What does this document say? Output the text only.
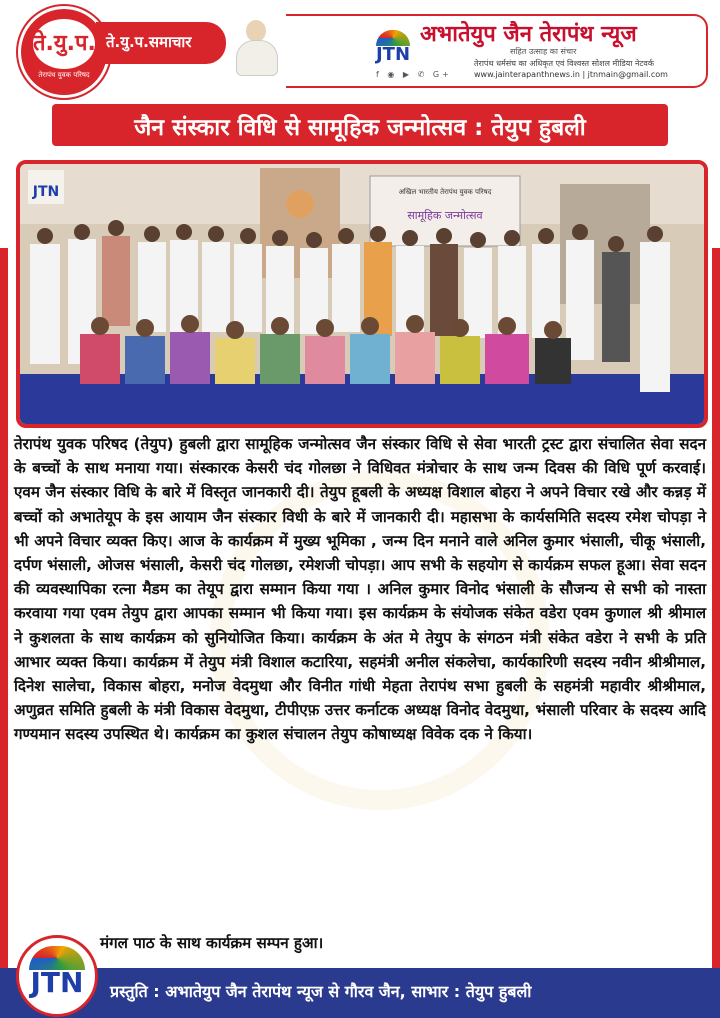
ते.यु.प.
तेरापंथ युवक परिषद
ते.यु.प.समाचार
JTN
अभातेयुप जैन तेरापंथ न्यूज
सहित उत्साह का संचार
तेरापंथ धर्मसंघ का अधिकृत एवं विश्वस्त सोशल मीडिया नेटवर्क
f ◉ ▶ ✆ G+	www.jainterapanthnews.in | jtnmain@gmail.com
जैन संस्कार विधि से सामूहिक जन्मोत्सव : तेयुप हुबली
अखिल भारतीय तेरापंथ युवक परिषद
सामूहिक जन्मोत्सव
JTN
तेरापंथ युवक परिषद (तेयुप) हुबली द्वारा सामूहिक जन्मोत्सव जैन संस्कार विधि से सेवा भारती ट्रस्ट द्वारा संचालित सेवा सदन के बच्चों के साथ मनाया गया। संस्कारक केसरी चंद गोलछा ने विधिवत मंत्रोचार के साथ जन्म दिवस की विधि पूर्ण करवाई। एवम जैन संस्कार विधि के बारे में विस्तृत जानकारी दी। तेयुप हूबली के अध्यक्ष विशाल बोहरा ने अपने विचार रखे और कन्नड़ में बच्चों को अभातेयूप के इस आयाम जैन संस्कार विधी के बारे में जानकारी दी। महासभा के कार्यसमिति सदस्य रमेश चोपड़ा ने भी अपने विचार व्यक्त किए। आज के कार्यक्रम में मुख्य भूमिका , जन्म दिन मनाने वाले अनिल कुमार भंसाली, चीकू भंसाली, दर्पण भंसाली, ओजस भंसाली, केसरी चंद गोलछा, रमेशजी चोपड़ा। आप सभी के सहयोग से कार्यक्रम सफल हूआ। सेवा सदन की व्यवस्थापिका रत्ना मैडम का तेयूप द्वारा सम्मान किया गया । अनिल कुमार विनोद भंसाली के सौजन्य से सभी को नास्ता करवाया गया एवम तेयुप द्वारा आपका सम्मान भी किया गया। इस कार्यक्रम के संयोजक संकेत वडेरा एवम कुणाल श्री श्रीमाल ने कुशलता के साथ कार्यक्रम को सुनियोजित किया। कार्यक्रम के अंत मे तेयुप के संगठन मंत्री संकेत वडेरा ने सभी के प्रति आभार व्यक्त किया। कार्यक्रम में तेयुप मंत्री विशाल कटारिया, सहमंत्री अनील संकलेचा, कार्यकारिणी सदस्य नवीन श्रीश्रीमाल, दिनेश सालेचा, विकास बोहरा, मनोज वेदमुथा और विनीत गांधी मेहता तेरापंथ सभा हुबली के सहमंत्री महावीर श्रीश्रीमाल, अणुव्रत समिति हुबली के मंत्री विकास वेदमुथा, टीपीएफ़ उत्तर कर्नाटक अध्यक्ष विनोद वेदमुथा, भंसाली परिवार के सदस्य आदि गण्यमान सदस्य उपस्थित थे। कार्यक्रम का कुशल संचालन तेयुप कोषाध्यक्ष विवेक दक ने किया।
मंगल पाठ के साथ कार्यक्रम सम्पन हुआ।
प्रस्तुति : अभातेयुप जैन तेरापंथ न्यूज से गौरव जैन, साभार : तेयुप हुबली
JTN
